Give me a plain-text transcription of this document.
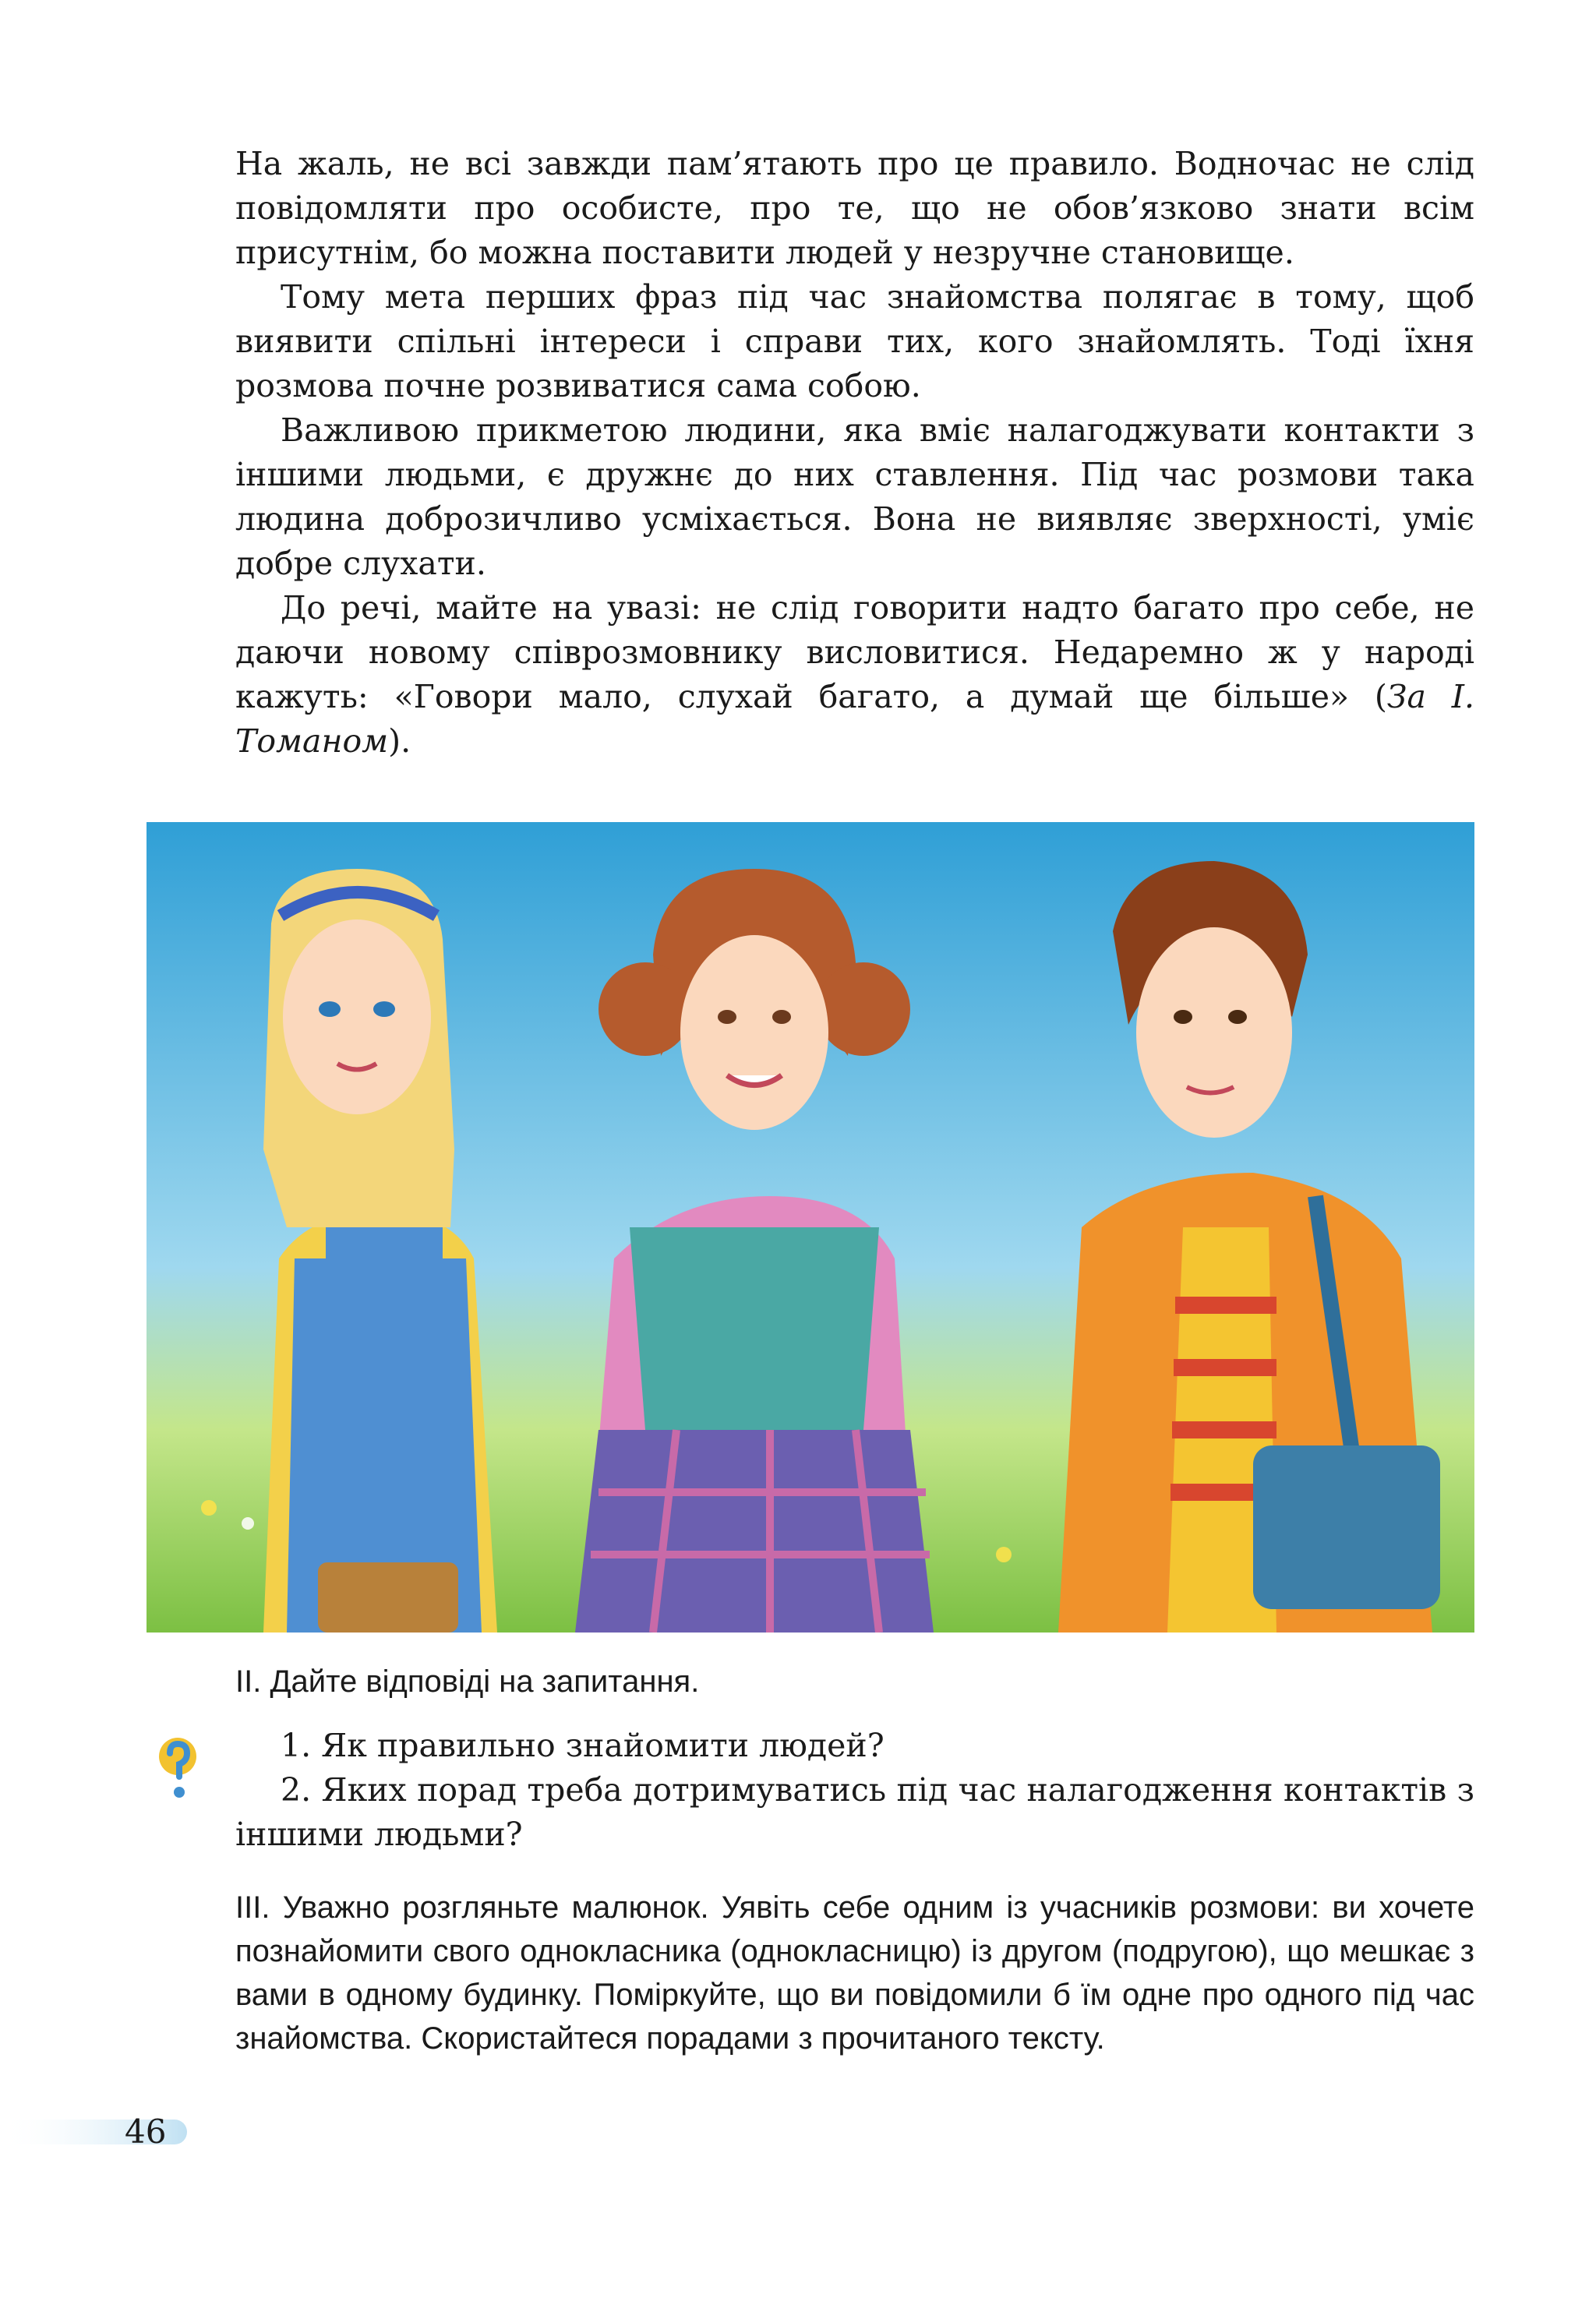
На жаль, не всі завжди пам’ятають про це правило. Водночас не слід повідомляти про особисте, про те, що не обов’язково знати всім присутнім, бо можна поставити людей у незручне становище.

Тому мета перших фраз під час знайомства полягає в тому, щоб виявити спільні інтереси і справи тих, кого знайомлять. Тоді їхня розмова почне розвиватися сама собою.

Важливою прикметою людини, яка вміє налагоджувати контакти з іншими людьми, є дружнє до них ставлення. Під час розмови така людина доброзичливо усміхається. Вона не виявляє зверхності, уміє добре слухати.

До речі, майте на увазі: не слід говорити надто багато про себе, не даючи новому співрозмовнику висловитися. Недаремно ж у народі кажуть: «Говори мало, слухай багато, а думай ще більше» (За І. Томаном).

ІІ. Дайте відповіді на запитання.

1. Як правильно знайомити людей?

2. Яких порад треба дотримуватись під час налагодження контактів з іншими людьми?

ІІІ. Уважно розгляньте малюнок. Уявіть себе одним із учасників розмови: ви хочете познайомити свого однокласника (однокласницю) із другом (подругою), що мешкає з вами в одному будинку. Поміркуйте, що ви повідомили б їм одне про одного під час знайомства. Скористайтеся порадами з прочитаного тексту.

46
